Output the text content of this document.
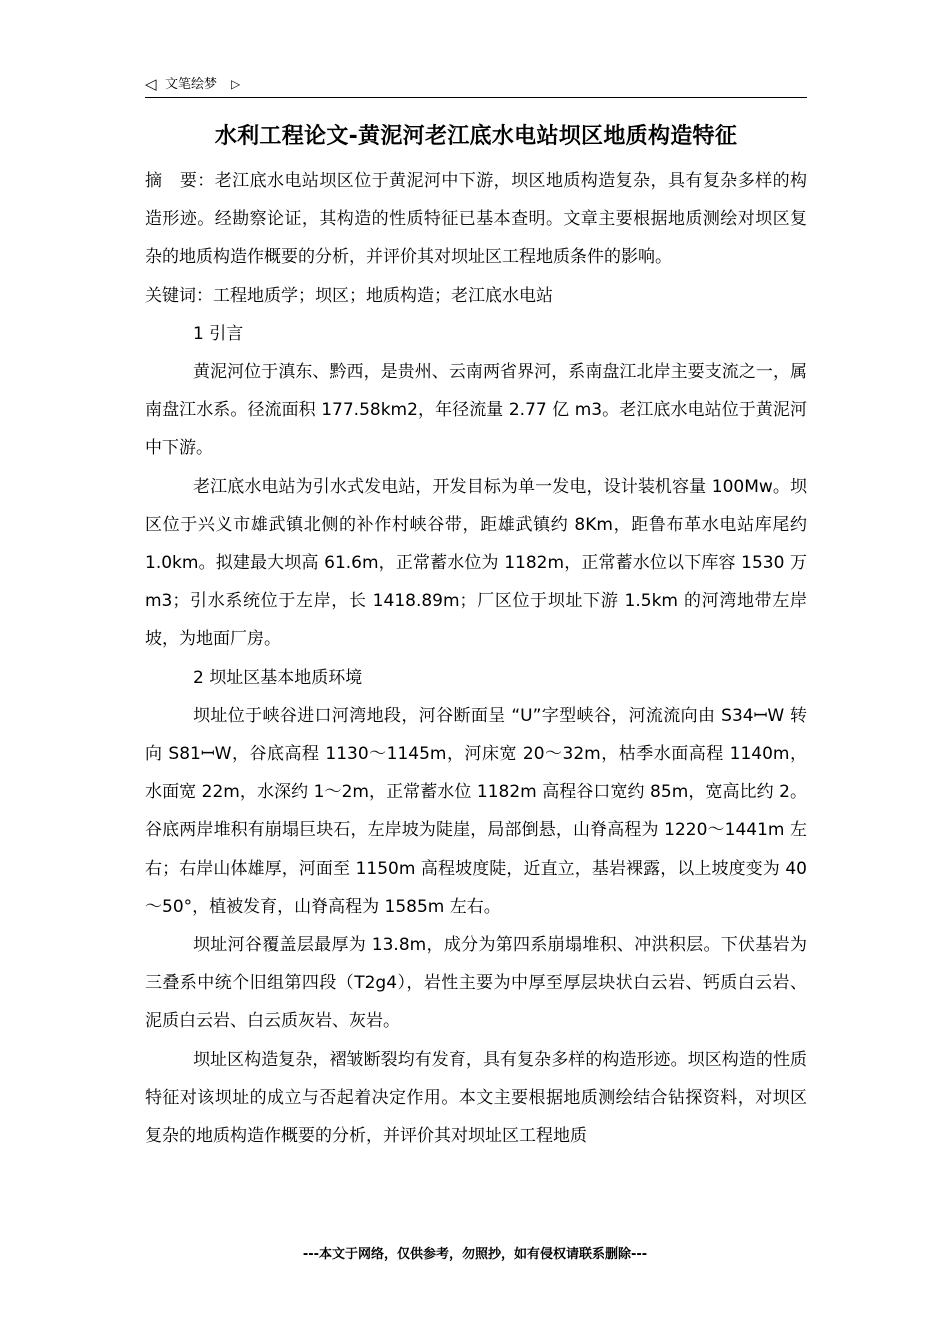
◁ 文笔绘梦 ▷
水利工程论文-黄泥河老江底水电站坝区地质构造特征

摘　要：老江底水电站坝区位于黄泥河中下游，坝区地质构造复杂，具有复杂多样的构造形迹。经勘察论证，其构造的性质特征已基本查明。文章主要根据地质测绘对坝区复杂的地质构造作概要的分析，并评价其对坝址区工程地质条件的影响。

关键词：工程地质学；坝区；地质构造；老江底水电站

1 引言

黄泥河位于滇东、黔西，是贵州、云南两省界河，系南盘江北岸主要支流之一，属南盘江水系。径流面积 177.58km2，年径流量 2.77 亿 m3。老江底水电站位于黄泥河中下游。

老江底水电站为引水式发电站，开发目标为单一发电，设计装机容量 100Mw。坝区位于兴义市雄武镇北侧的补作村峡谷带，距雄武镇约 8Km，距鲁布革水电站库尾约 1.0km。拟建最大坝高 61.6m，正常蓄水位为 1182m，正常蓄水位以下库容 1530 万 m3；引水系统位于左岸，长 1418.89m；厂区位于坝址下游 1.5km 的河湾地带左岸坡，为地面厂房。

2 坝址区基本地质环境

坝址位于峡谷进口河湾地段，河谷断面呈 “U”字型峡谷，河流流向由 S34ꟷW 转向 S81ꟷW，谷底高程 1130～1145m，河床宽 20～32m，枯季水面高程 1140m，水面宽 22m，水深约 1～2m，正常蓄水位 1182m 高程谷口宽约 85m，宽高比约 2。谷底两岸堆积有崩塌巨块石，左岸坡为陡崖，局部倒悬，山脊高程为 1220～1441m 左右；右岸山体雄厚，河面至 1150m 高程坡度陡，近直立，基岩裸露，以上坡度变为 40～50°，植被发育，山脊高程为 1585m 左右。

坝址河谷覆盖层最厚为 13.8m，成分为第四系崩塌堆积、冲洪积层。下伏基岩为三叠系中统个旧组第四段（T2g4），岩性主要为中厚至厚层块状白云岩、钙质白云岩、泥质白云岩、白云质灰岩、灰岩。

坝址区构造复杂，褶皱断裂均有发育，具有复杂多样的构造形迹。坝区构造的性质特征对该坝址的成立与否起着决定作用。本文主要根据地质测绘结合钻探资料，对坝区复杂的地质构造作概要的分析，并评价其对坝址区工程地质

---本文于网络，仅供参考，勿照抄，如有侵权请联系删除---
